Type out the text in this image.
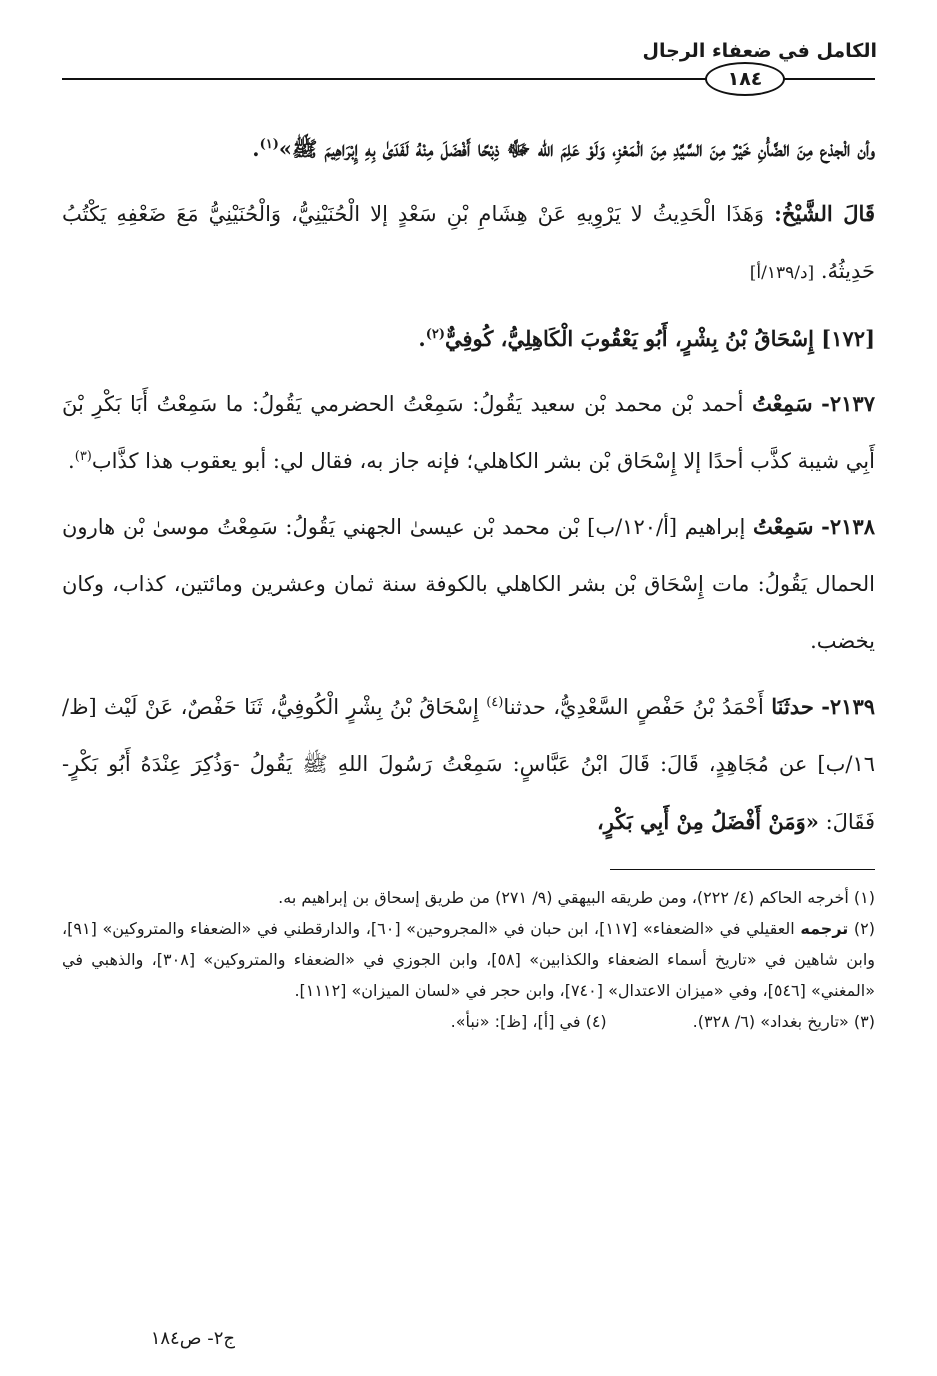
الكامل في ضعفاء الرجال
١٨٤

وأن الْجذع مِنَ الضَّأْنِ خَيْرٌ مِنَ السَّيِّدِ مِنَ الْمَعْزِ، وَلَوْ عَلِمَ الله ﷻ ذِبْحًا أَفْضَلَ مِنْهُ لَفَدَىٰ بِهِ إِبْرَاهِيمَ ﷺ»$^{(١)}$.

قَالَ الشَّيْخُ: وَهَذَا الْحَدِيثُ لا يَرْوِيهِ عَنْ هِشَامِ بْنِ سَعْدٍ إلا الْحُنَيْنِيُّ، وَالْحُنَيْنِيُّ مَعَ ضَعْفِهِ يَكْتُبُ حَدِيثُهُ. [د/١٣٩/أ]

[١٧٢] إِسْحَاقُ بْنُ بِشْرٍ، أَبُو يَعْقُوبَ الْكَاهِلِيُّ، كُوفِيٌّ$^{(٢)}$.

٢١٣٧- سَمِعْتُ أحمد بْن محمد بْن سعيد يَقُولُ: سَمِعْتُ الحضرمي يَقُولُ: ما سَمِعْتُ أَبَا بَكْرِ بْنَ أَبِي شيبة كذَّب أحدًا إلا إِسْحَاق بْن بشر الكاهلي؛ فإنه جاز به، فقال لي: أبو يعقوب هذا كذَّاب$^{(٣)}$.

٢١٣٨- سَمِعْتُ إبراهيم [أ/١٢٠/ب] بْن محمد بْن عيسىٰ الجهني يَقُولُ: سَمِعْتُ موسىٰ بْن هارون الحمال يَقُولُ: مات إِسْحَاق بْن بشر الكاهلي بالكوفة سنة ثمان وعشرين ومائتين، كذاب، وكان يخضب.

٢١٣٩- حدثَنَا أَحْمَدُ بْنُ حَفْصٍ السَّعْدِيُّ، حدثنا$^{(٤)}$ إِسْحَاقُ بْنُ بِشْرٍ الْكُوفِيُّ، ثَنَا حَفْصٌ، عَنْ لَيْث [ظ/١٦/ب] عن مُجَاهِدٍ، قَالَ: قَالَ ابْنُ عَبَّاسٍ: سَمِعْتُ رَسُولَ اللهِ ﷺ يَقُولُ -وَذُكِرَ عِنْدَهُ أَبُو بَكْرٍ- فَقَالَ: «وَمَنْ أَفْضَلُ مِنْ أَبِي بَكْرٍ،

(١) أخرجه الحاكم (٤/ ٢٢٢)، ومن طريقه البيهقي (٩/ ٢٧١) من طريق إسحاق بن إبراهيم به.

(٢) ترجمه العقيلي في «الضعفاء» [١١٧]، ابن حبان في «المجروحين» [٦٠]، والدارقطني في «الضعفاء والمتروكين» [٩١]، وابن شاهين في «تاريخ أسماء الضعفاء والكذابين» [٥٨]، وابن الجوزي في «الضعفاء والمتروكين» [٣٠٨]، والذهبي في «المغني» [٥٤٦]، وفي «ميزان الاعتدال» [٧٤٠]، وابن حجر في «لسان الميزان» [١١١٢].

(٣) «تاريخ بغداد» (٦/ ٣٢٨).
(٤) في [أ]، [ظ]: «نبأ».
ج٢- ص١٨٤
